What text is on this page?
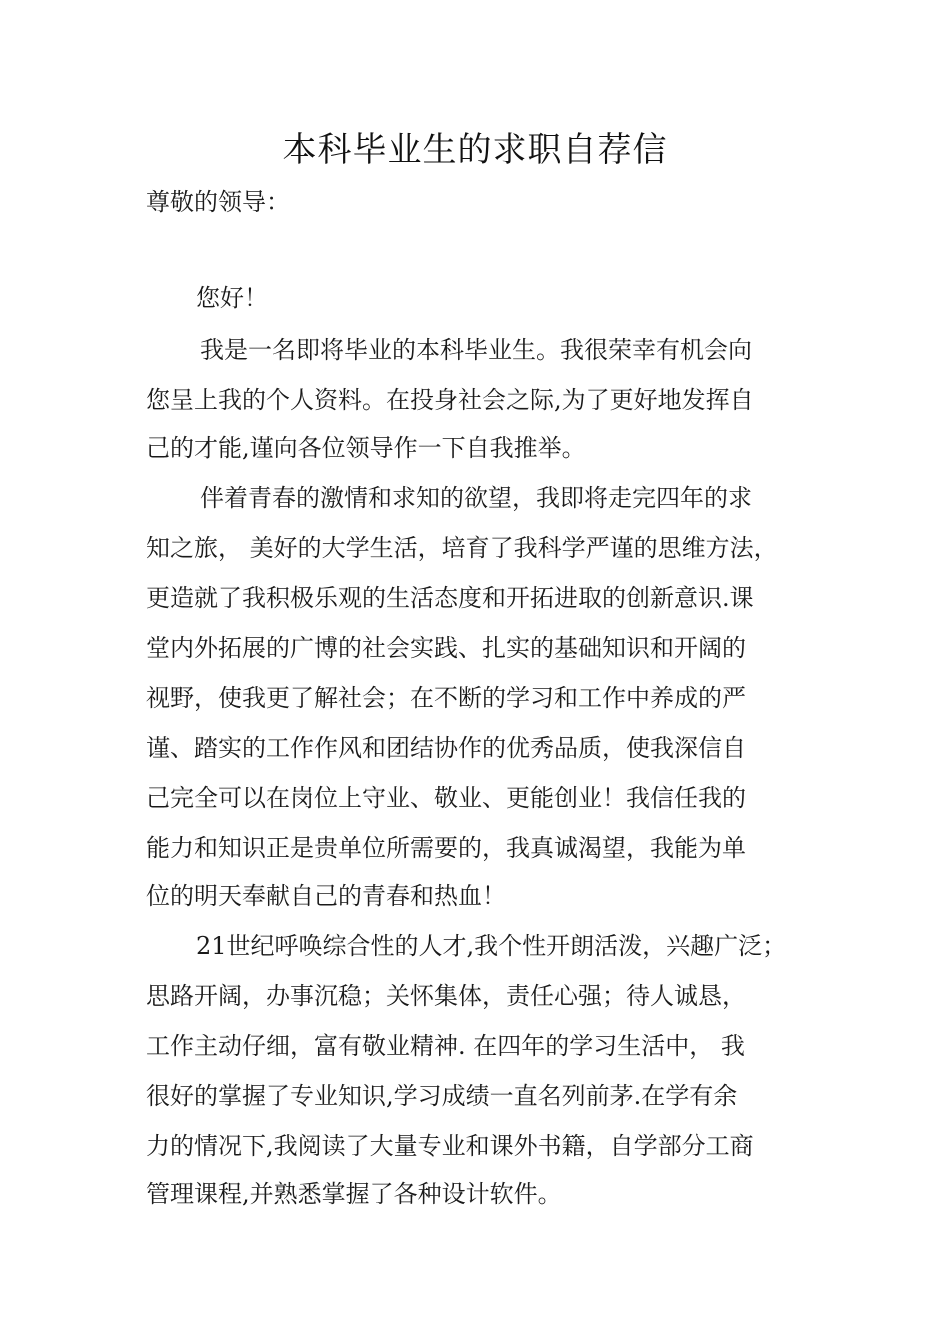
本科毕业生的求职自荐信
尊敬的领导：
您好！
我是一名即将毕业的本科毕业生。我很荣幸有机会向
您呈上我的个人资料。在投身社会之际,为了更好地发挥自
己的才能,谨向各位领导作一下自我推举。
伴着青春的激情和求知的欲望，我即将走完四年的求
知之旅， 美好的大学生活，培育了我科学严谨的思维方法，
更造就了我积极乐观的生活态度和开拓进取的创新意识.课
堂内外拓展的广博的社会实践、扎实的基础知识和开阔的
视野，使我更了解社会；在不断的学习和工作中养成的严
谨、踏实的工作作风和团结协作的优秀品质，使我深信自
己完全可以在岗位上守业、敬业、更能创业！我信任我的
能力和知识正是贵单位所需要的，我真诚渴望，我能为单
位的明天奉献自己的青春和热血！
21世纪呼唤综合性的人才,我个性开朗活泼，兴趣广泛；
思路开阔，办事沉稳；关怀集体，责任心强；待人诚恳，
工作主动仔细，富有敬业精神. 在四年的学习生活中， 我
很好的掌握了专业知识,学习成绩一直名列前茅.在学有余
力的情况下,我阅读了大量专业和课外书籍，自学部分工商
管理课程,并熟悉掌握了各种设计软件。
